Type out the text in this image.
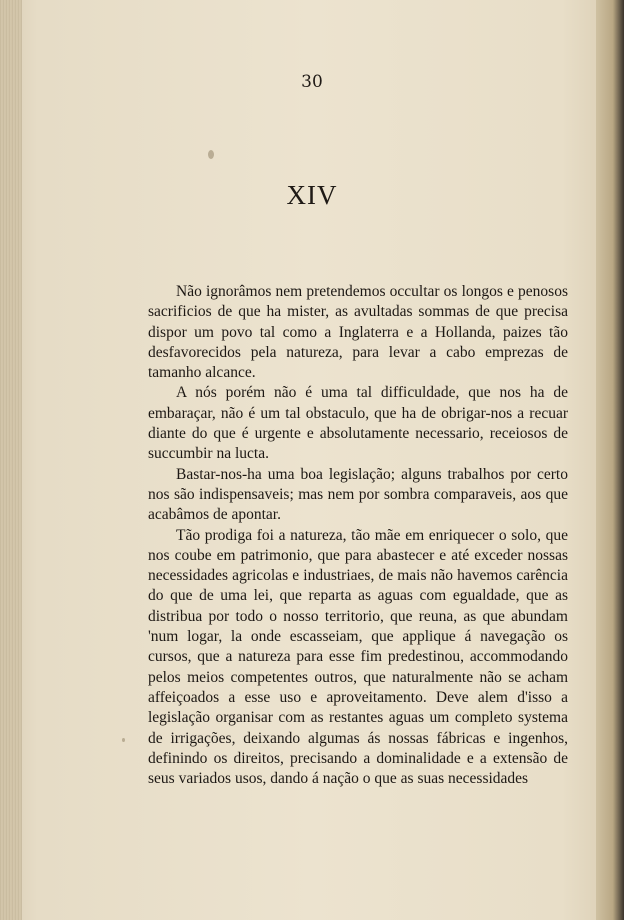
30
XIV

Não ignorâmos nem pretendemos occultar os longos e penosos sacrificios de que ha mister, as avultadas sommas de que precisa dispor um povo tal como a Inglaterra e a Hollanda, paizes tão desfavorecidos pela natureza, para levar a cabo emprezas de tamanho alcance.

A nós porém não é uma tal difficuldade, que nos ha de embaraçar, não é um tal obstaculo, que ha de obrigar-nos a recuar diante do que é urgente e absolutamente necessario, receiosos de succumbir na lucta.

Bastar-nos-ha uma boa legislação; alguns trabalhos por certo nos são indispensaveis; mas nem por sombra comparaveis, aos que acabâmos de apontar.

Tão prodiga foi a natureza, tão mãe em enriquecer o solo, que nos coube em patrimonio, que para abastecer e até exceder nossas necessidades agricolas e industriaes, de mais não havemos carência do que de uma lei, que reparta as aguas com egualdade, que as distribua por todo o nosso territorio, que reuna, as que abundam 'num logar, la onde escasseiam, que applique á navegação os cursos, que a natureza para esse fim predestinou, accommodando pelos meios competentes outros, que naturalmente não se acham affeiçoados a esse uso e aproveitamento. Deve alem d'isso a legislação organisar com as restantes aguas um completo systema de irrigações, deixando algumas ás nossas fábricas e ingenhos, definindo os direitos, precisando a dominalidade e a extensão de seus variados usos, dando á nação o que as suas necessidades
